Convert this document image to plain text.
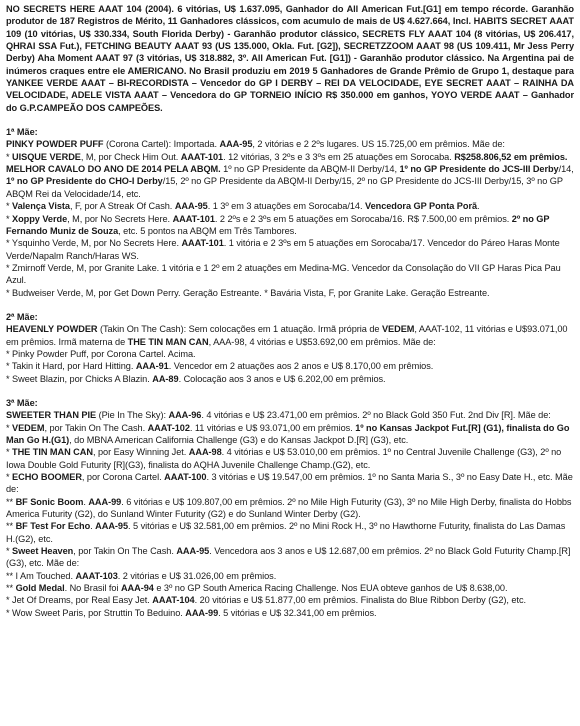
NO SECRETS HERE AAAT 104 (2004). 6 vitórias, U$ 1.637.095, Ganhador do All American Fut.[G1] em tempo récorde. Garanhão produtor de 187 Registros de Mérito, 11 Ganhadores clássicos, com acumulo de mais de U$ 4.627.664, Incl. HABITS SECRET AAAT 109 (10 vitórias, U$ 330.334, South Florida Derby) - Garanhão produtor clássico, SECRETS FLY AAAT 104 (8 vitórias, U$ 206.417, QHRAI SSA Fut.), FETCHING BEAUTY AAAT 93 (US 135.000, Okla. Fut. [G2]), SECRETZZOOM AAAT 98 (US 109.411, Mr Jess Perry Derby) Aha Moment AAAT 97 (3 vitórias, U$ 318.882, 3º. All American Fut. [G1]) - Garanhão produtor clássico. Na Argentina pai de inúmeros craques entre ele AMERICANO. No Brasil produziu em 2019 5 Ganhadores de Grande Prêmio de Grupo 1, destaque para YANKEE VERDE AAAT – BI-RECORDISTA – Vencedor do GP I DERBY – REI DA VELOCIDADE, EYE SECRET AAAT – RAINHA DA VELOCIDADE, ADELE VISTA AAAT – Vencedora do GP TORNEIO INÍCIO R$ 350.000 em ganhos, YOYO VERDE AAAT – Ganhador do G.P.CAMPEÃO DOS CAMPEÕES.

1ª Mãe:

PINKY POWDER PUFF (Corona Cartel): Importada. AAA-95, 2 vitórias e 2 2ºs lugares. US 15.725,00 em prêmios. Mãe de:

* UISQUE VERDE, M, por Check Him Out. AAAT-101. 12 vitórias, 3 2ºs e 3 3ºs em 25 atuações em Sorocaba. R$258.806,52 em prêmios. MELHOR CAVALO DO ANO DE 2014 PELA ABQM. 1º no GP Presidente da ABQM-II Derby/14, 1º no GP Presidente do JCS-III Derby/14, 1º no GP Presidente do CHO-I Derby/15, 2º no GP Presidente da ABQM-II Derby/15, 2º no GP Presidente do JCS-III Derby/15, 3º no GP ABQM Rei da Velocidade/14, etc.

* Valença Vista, F, por A Streak Of Cash. AAA-95. 1 3º em 3 atuações em Sorocaba/14. Vencedora GP Ponta Porã.

* Xoppy Verde, M, por No Secrets Here. AAAT-101. 2 2ºs e 2 3ºs em 5 atuações em Sorocaba/16. R$ 7.500,00 em prêmios. 2º no GP Fernando Muniz de Souza, etc. 5 pontos na ABQM em Três Tambores.

* Ysquinho Verde, M, por No Secrets Here. AAAT-101. 1 vitória e 2 3ºs em 5 atuações em Sorocaba/17. Vencedor do Páreo Haras Monte Verde/Napalm Ranch/Haras WS.

* Zmirnoff Verde, M, por Granite Lake. 1 vitória e 1 2º em 2 atuações em Medina-MG. Vencedor da Consolação do VII GP Haras Pica Pau Azul.

* Budweiser Verde, M, por Get Down Perry. Geração Estreante. * Bavária Vista, F, por Granite Lake. Geração Estreante.

2ª Mãe:

HEAVENLY POWDER (Takin On The Cash): Sem colocações em 1 atuação. Irmã própria de VEDEM, AAAT-102, 11 vitórias e U$93.071,00 em prêmios. Irmã materna de THE TIN MAN CAN, AAA-98, 4 vitórias e U$53.692,00 em prêmios. Mãe de:

* Pinky Powder Puff, por Corona Cartel. Acima.

* Takin it Hard, por Hard Hitting. AAA-91. Vencedor em 2 atuações aos 2 anos e U$ 8.170,00 em prêmios.

* Sweet Blazin, por Chicks A Blazin. AA-89. Colocação aos 3 anos e U$ 6.202,00 em prêmios.

3ª Mãe:

SWEETER THAN PIE (Pie In The Sky): AAA-96. 4 vitórias e U$ 23.471,00 em prêmios. 2º no Black Gold 350 Fut. 2nd Div [R]. Mãe de:

* VEDEM, por Takin On The Cash. AAAT-102. 11 vitórias e U$ 93.071,00 em prêmios. 1º no Kansas Jackpot Fut.[R] (G1), finalista do Go Man Go H.(G1), do MBNA American California Challenge (G3) e do Kansas Jackpot D.[R] (G3), etc.

* THE TIN MAN CAN, por Easy Winning Jet. AAA-98. 4 vitórias e U$ 53.010,00 em prêmios. 1º no Central Juvenile Challenge (G3), 2º no Iowa Double Gold Futurity [R](G3), finalista do AQHA Juvenile Challenge Champ.(G2), etc.

* ECHO BOOMER, por Corona Cartel. AAAT-100. 3 vitórias e U$ 19.547,00 em prêmios. 1º no Santa Maria S., 3º no Easy Date H., etc. Mãe de:

** BF Sonic Boom. AAA-99. 6 vitórias e U$ 109.807,00 em prêmios. 2º no Mile High Futurity (G3), 3º no Mile High Derby, finalista do Hobbs America Futurity (G2), do Sunland Winter Futurity (G2) e do Sunland Winter Derby (G2).

** BF Test For Echo. AAA-95. 5 vitórias e U$ 32.581,00 em prêmios. 2º no Mini Rock H., 3º no Hawthorne Futurity, finalista do Las Damas H.(G2), etc.

* Sweet Heaven, por Takin On The Cash. AAA-95. Vencedora aos 3 anos e U$ 12.687,00 em prêmios. 2º no Black Gold Futurity Champ.[R](G3), etc. Mãe de:

** I Am Touched. AAAT-103. 2 vitórias e U$ 31.026,00 em prêmios.

** Gold Medal. No Brasil foi AAA-94 e 3º no GP South America Racing Challenge. Nos EUA obteve ganhos de U$ 8.638,00.

* Jet Of Dreams, por Real Easy Jet. AAAT-104. 20 vitórias e U$ 51.877,00 em prêmios. Finalista do Blue Ribbon Derby (G2), etc.

* Wow Sweet Paris, por Struttin To Beduino. AAA-99. 5 vitórias e U$ 32.341,00 em prêmios.
